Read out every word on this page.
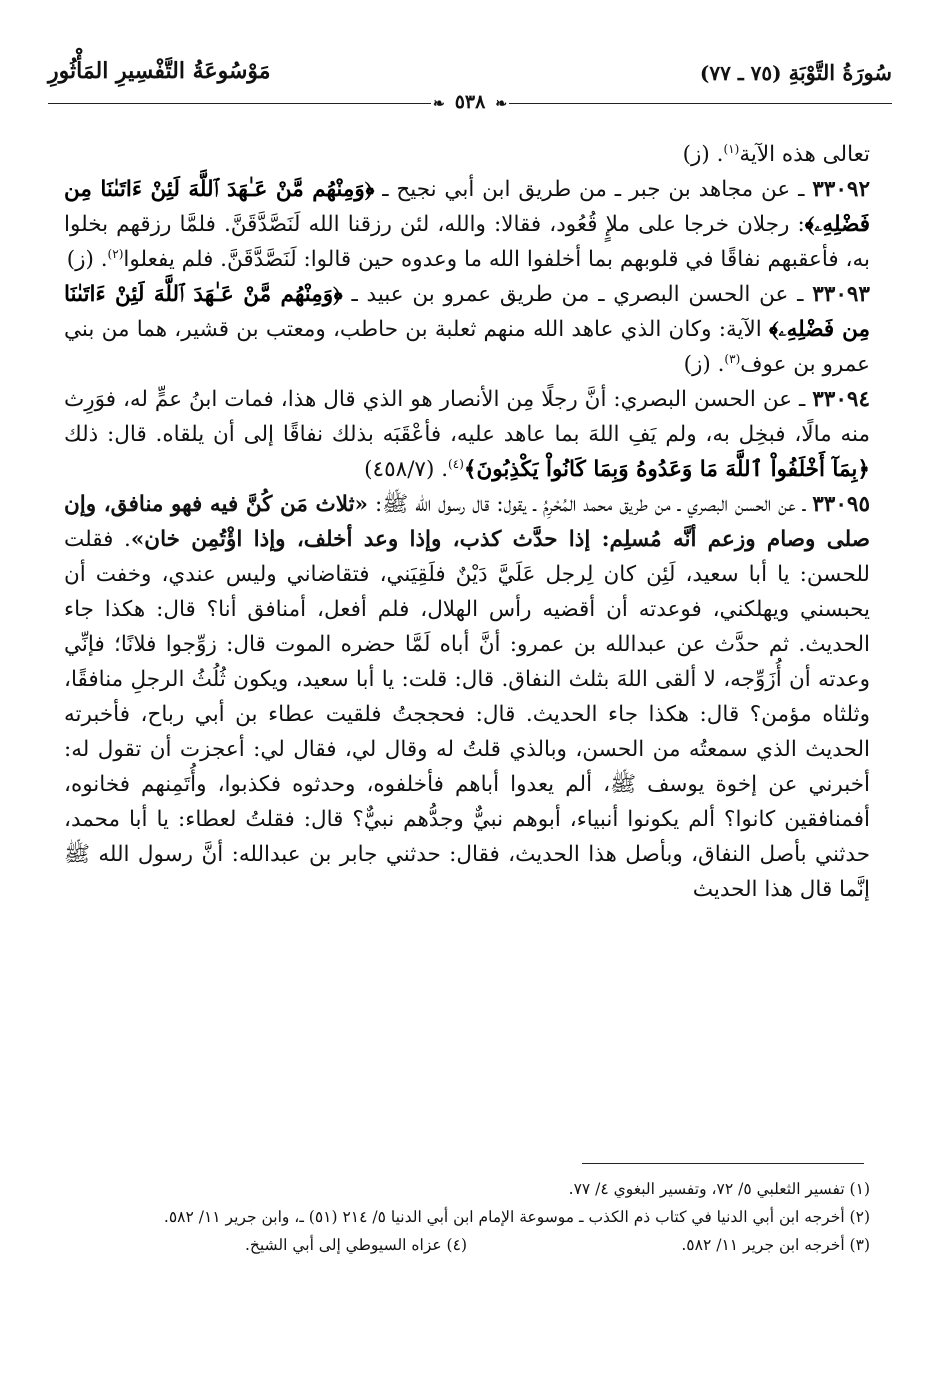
سُورَةُ التَّوْبَةِ (٧٥ ـ ٧٧)
مَوْسُوعَةُ التَّفْسِيرِ المَأْثُورِ
❧ ٥٣٨ ❧

تعالى هذه الآية$^{(١)}$. (ز)

٣٣٠٩٢ ـ عن مجاهد بن جبر ـ من طريق ابن أبي نجيح ـ ﴿وَمِنْهُم مَّنْ عَـٰهَدَ ٱللَّهَ لَئِنْ ءَاتَىٰنَا مِن فَضْلِهِۦ﴾: رجلان خرجا على ملإٍ قُعُود، فقالا: والله، لئن رزقنا الله لَنَصَّدَّقَنَّ. فلمَّا رزقهم بخلوا به، فأعقبهم نفاقًا في قلوبهم بما أخلفوا الله ما وعدوه حين قالوا: لَنَصَّدَّقَنَّ. فلم يفعلوا$^{(٢)}$. (ز)

٣٣٠٩٣ ـ عن الحسن البصري ـ من طريق عمرو بن عبيد ـ ﴿وَمِنْهُم مَّنْ عَـٰهَدَ ٱللَّهَ لَئِنْ ءَاتَىٰنَا مِن فَضْلِهِۦ﴾ الآية: وكان الذي عاهد الله منهم ثعلبة بن حاطب، ومعتب بن قشير، هما من بني عمرو بن عوف$^{(٣)}$. (ز)

٣٣٠٩٤ ـ عن الحسن البصري: أنَّ رجلًا مِن الأنصار هو الذي قال هذا، فمات ابنُ عمٍّ له، فوَرِث منه مالًا، فبخِل به، ولم يَفِ اللهَ بما عاهد عليه، فأعْقَبَه بذلك نفاقًا إلى أن يلقاه. قال: ذلك ﴿بِمَآ أَخْلَفُواْ ٱللَّهَ مَا وَعَدُوهُ وَبِمَا كَانُواْ يَكْذِبُونَ﴾$^{(٤)}$. (٤٥٨/٧)

٣٣٠٩٥ ـ عن الحسن البصري ـ من طريق محمد المُحْرِمُ ـ يقول: قال رسول الله ﷺ: «ثلاث مَن كُنَّ فيه فهو منافق، وإن صلى وصام وزعم أنَّه مُسلِم: إذا حدَّث كذب، وإذا وعد أخلف، وإذا اؤْتُمِن خان». فقلت للحسن: يا أبا سعيد، لَئِن كان لِرجل عَلَيَّ دَيْنٌ فلَقِيَني، فتقاضاني وليس عندي، وخفت أن يحبسني ويهلكني، فوعدته أن أقضيه رأس الهلال، فلم أفعل، أمنافق أنا؟ قال: هكذا جاء الحديث. ثم حدَّث عن عبدالله بن عمرو: أنَّ أباه لَمَّا حضره الموت قال: زوِّجوا فلانًا؛ فإنِّي وعدته أن أُزَوِّجه، لا ألقى اللهَ بثلث النفاق. قال: قلت: يا أبا سعيد، ويكون ثُلُثُ الرجلِ منافقًا، وثلثاه مؤمن؟ قال: هكذا جاء الحديث. قال: فحججتُ فلقيت عطاء بن أبي رباح، فأخبرته الحديث الذي سمعتُه من الحسن، وبالذي قلتُ له وقال لي، فقال لي: أعجزت أن تقول له: أخبرني عن إخوة يوسف ﷺ، ألم يعدوا أباهم فأخلفوه، وحدثوه فكذبوا، وأُتَمِنهم فخانوه، أفمنافقين كانوا؟ ألم يكونوا أنبياء، أبوهم نبيٌّ وجدُّهم نبيٌّ؟ قال: فقلتُ لعطاء: يا أبا محمد، حدثني بأصل النفاق، وبأصل هذا الحديث، فقال: حدثني جابر بن عبدالله: أنَّ رسول الله ﷺ إنَّما قال هذا الحديث

(١) تفسير الثعلبي ٥/ ٧٢، وتفسير البغوي ٤/ ٧٧.

(٢) أخرجه ابن أبي الدنيا في كتاب ذم الكذب ـ موسوعة الإمام ابن أبي الدنيا ٥/ ٢١٤ (٥١) ـ، وابن جرير ١١/ ٥٨٢.

(٣) أخرجه ابن جرير ١١/ ٥٨٢.

(٤) عزاه السيوطي إلى أبي الشيخ.
